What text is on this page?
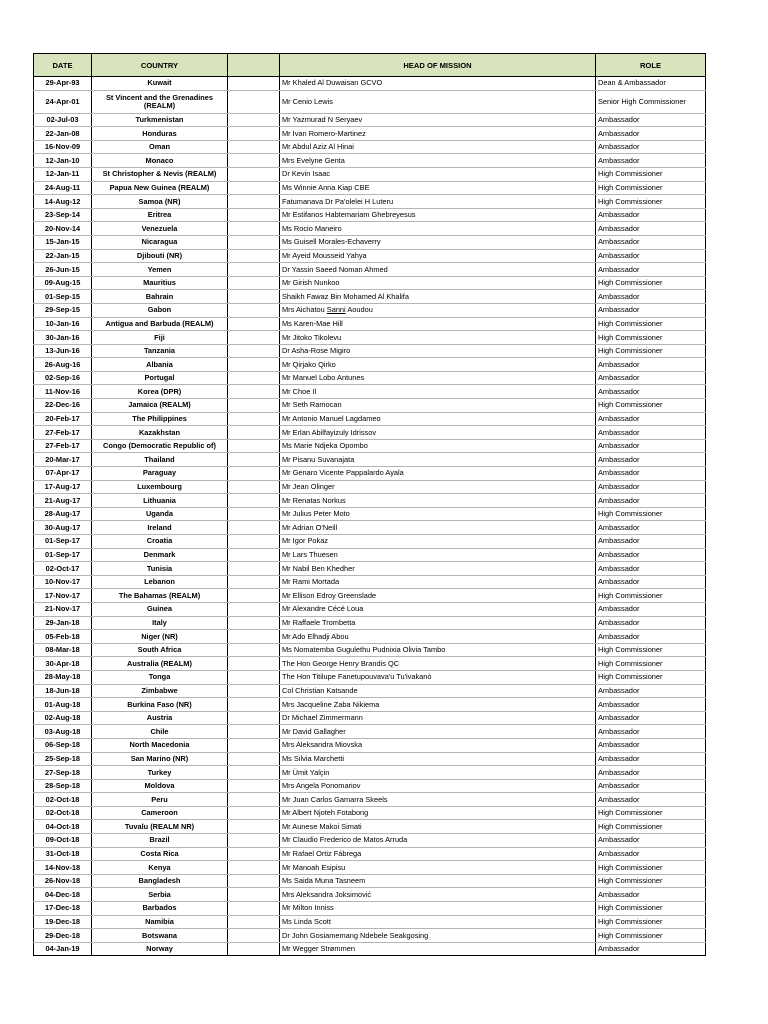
DATE	COUNTRY		HEAD OF MISSION	ROLE
29-Apr-93	Kuwait		Mr Khaled Al Duwaisan GCVO	Dean & Ambassador
24-Apr-01	St Vincent and the Grenadines (REALM)		Mr Cenio Lewis	Senior High Commissioner
02-Jul-03	Turkmenistan		Mr Yazmurad N Seryaev	Ambassador
22-Jan-08	Honduras		Mr Ivan Romero-Martinez	Ambassador
16-Nov-09	Oman		Mr Abdul Aziz Al Hinai	Ambassador
12-Jan-10	Monaco		Mrs Evelyne Genta	Ambassador
12-Jan-11	St Christopher & Nevis (REALM)		Dr Kevin Isaac	High Commissioner
24-Aug-11	Papua New Guinea (REALM)		Ms Winnie Anna Kiap CBE	High Commissioner
14-Aug-12	Samoa (NR)		Fatumanava Dr Pa'olelei H Luteru	High Commissioner
23-Sep-14	Eritrea		Mr Estifanos Habtemariam Ghebreyesus	Ambassador
20-Nov-14	Venezuela		Ms Rocio Maneiro	Ambassador
15-Jan-15	Nicaragua		Ms Guisell Morales-Echaverry	Ambassador
22-Jan-15	Djibouti (NR)		Mr Ayeid Mousseid Yahya	Ambassador
26-Jun-15	Yemen		Dr Yassin Saeed Noman Ahmed	Ambassador
09-Aug-15	Mauritius		Mr Girish Nunkoo	High Commissioner
01-Sep-15	Bahrain		Shaikh Fawaz Bin Mohamed Al Khalifa	Ambassador
29-Sep-15	Gabon		Mrs Aichatou Sanni Aoudou	Ambassador
10-Jan-16	Antigua and Barbuda (REALM)		Ms Karen-Mae Hill	High Commissioner
30-Jan-16	Fiji		Mr Jitoko Tikolevu	High Commissioner
13-Jun-16	Tanzania		Dr Asha-Rose Migiro	High Commissioner
26-Aug-16	Albania		Mr Qirjako Qirko	Ambassador
02-Sep-16	Portugal		Mr Manuel Lobo Antunes	Ambassador
11-Nov-16	Korea (DPR)		Mr Choe Il	Ambassador
22-Dec-16	Jamaica (REALM)		Mr Seth Ramocan	High Commissioner
20-Feb-17	The Philippines		Mr Antonio Manuel Lagdameo	Ambassador
27-Feb-17	Kazakhstan		Mr Erlan Abilfayizuly Idrissov	Ambassador
27-Feb-17	Congo (Democratic Republic of)		Ms Marie Ndjeka Opombo	Ambassador
20-Mar-17	Thailand		Mr Pisanu Suvanajata	Ambassador
07-Apr-17	Paraguay		Mr Genaro Vicente Pappalardo Ayala	Ambassador
17-Aug-17	Luxembourg		Mr Jean Olinger	Ambassador
21-Aug-17	Lithuania		Mr Renatas Norkus	Ambassador
28-Aug-17	Uganda		Mr Julius Peter Moto	High Commissioner
30-Aug-17	Ireland		Mr Adrian O'Neill	Ambassador
01-Sep-17	Croatia		Mr Igor Pokaz	Ambassador
01-Sep-17	Denmark		Mr Lars Thuesen	Ambassador
02-Oct-17	Tunisia		Mr Nabil Ben Khedher	Ambassador
10-Nov-17	Lebanon		Mr Rami Mortada	Ambassador
17-Nov-17	The Bahamas (REALM)		Mr Ellison Edroy Greenslade	High Commissioner
21-Nov-17	Guinea		Mr Alexandre Cécé Loua	Ambassador
29-Jan-18	Italy		Mr Raffaele Trombetta	Ambassador
05-Feb-18	Niger (NR)		Mr Ado Elhadji Abou	Ambassador
08-Mar-18	South Africa		Ms Nomatemba Gugulethu Pudnixia Olivia Tambo	High Commissioner
30-Apr-18	Australia (REALM)		The Hon George Henry Brandis QC	High Commissioner
28-May-18	Tonga		The Hon Titilupe Fanetupouvava'u Tu'ivakanó	High Commissioner
18-Jun-18	Zimbabwe		Col Christian Katsande	Ambassador
01-Aug-18	Burkina Faso (NR)		Mrs Jacqueline Zaba Nikiema	Ambassador
02-Aug-18	Austria		Dr Michael Zimmermann	Ambassador
03-Aug-18	Chile		Mr David Gallagher	Ambassador
06-Sep-18	North Macedonia		Mrs Aleksandra Miovska	Ambassador
25-Sep-18	San Marino (NR)		Ms Silvia Marchetti	Ambassador
27-Sep-18	Turkey		Mr Ümit Yalçin	Ambassador
28-Sep-18	Moldova		Mrs Angela Ponomariov	Ambassador
02-Oct-18	Peru		Mr Juan Carlos Gamarra Skeels	Ambassador
02-Oct-18	Cameroon		Mr Albert Njoteh Fotabong	High Commissioner
04-Oct-18	Tuvalu (REALM NR)		Mr Aunese Makoi Simati	High Commissioner
09-Oct-18	Brazil		Mr Claudio Frederico de Matos Arruda	Ambassador
31-Oct-18	Costa Rica		Mr Rafael Ortiz Fábrega	Ambassador
14-Nov-18	Kenya		Mr Manoah Esipisu	High Commissioner
26-Nov-18	Bangladesh		Ms Saida Muna Tasneem	High Commissioner
04-Dec-18	Serbia		Mrs Aleksandra Joksimović	Ambassador
17-Dec-18	Barbados		Mr Milton Inniss	High Commissioner
19-Dec-18	Namibia		Ms Linda Scott	High Commissioner
29-Dec-18	Botswana		Dr John Gosiamemang Ndebele Seakgosing	High Commissioner
04-Jan-19	Norway		Mr Wegger Strømmen	Ambassador
